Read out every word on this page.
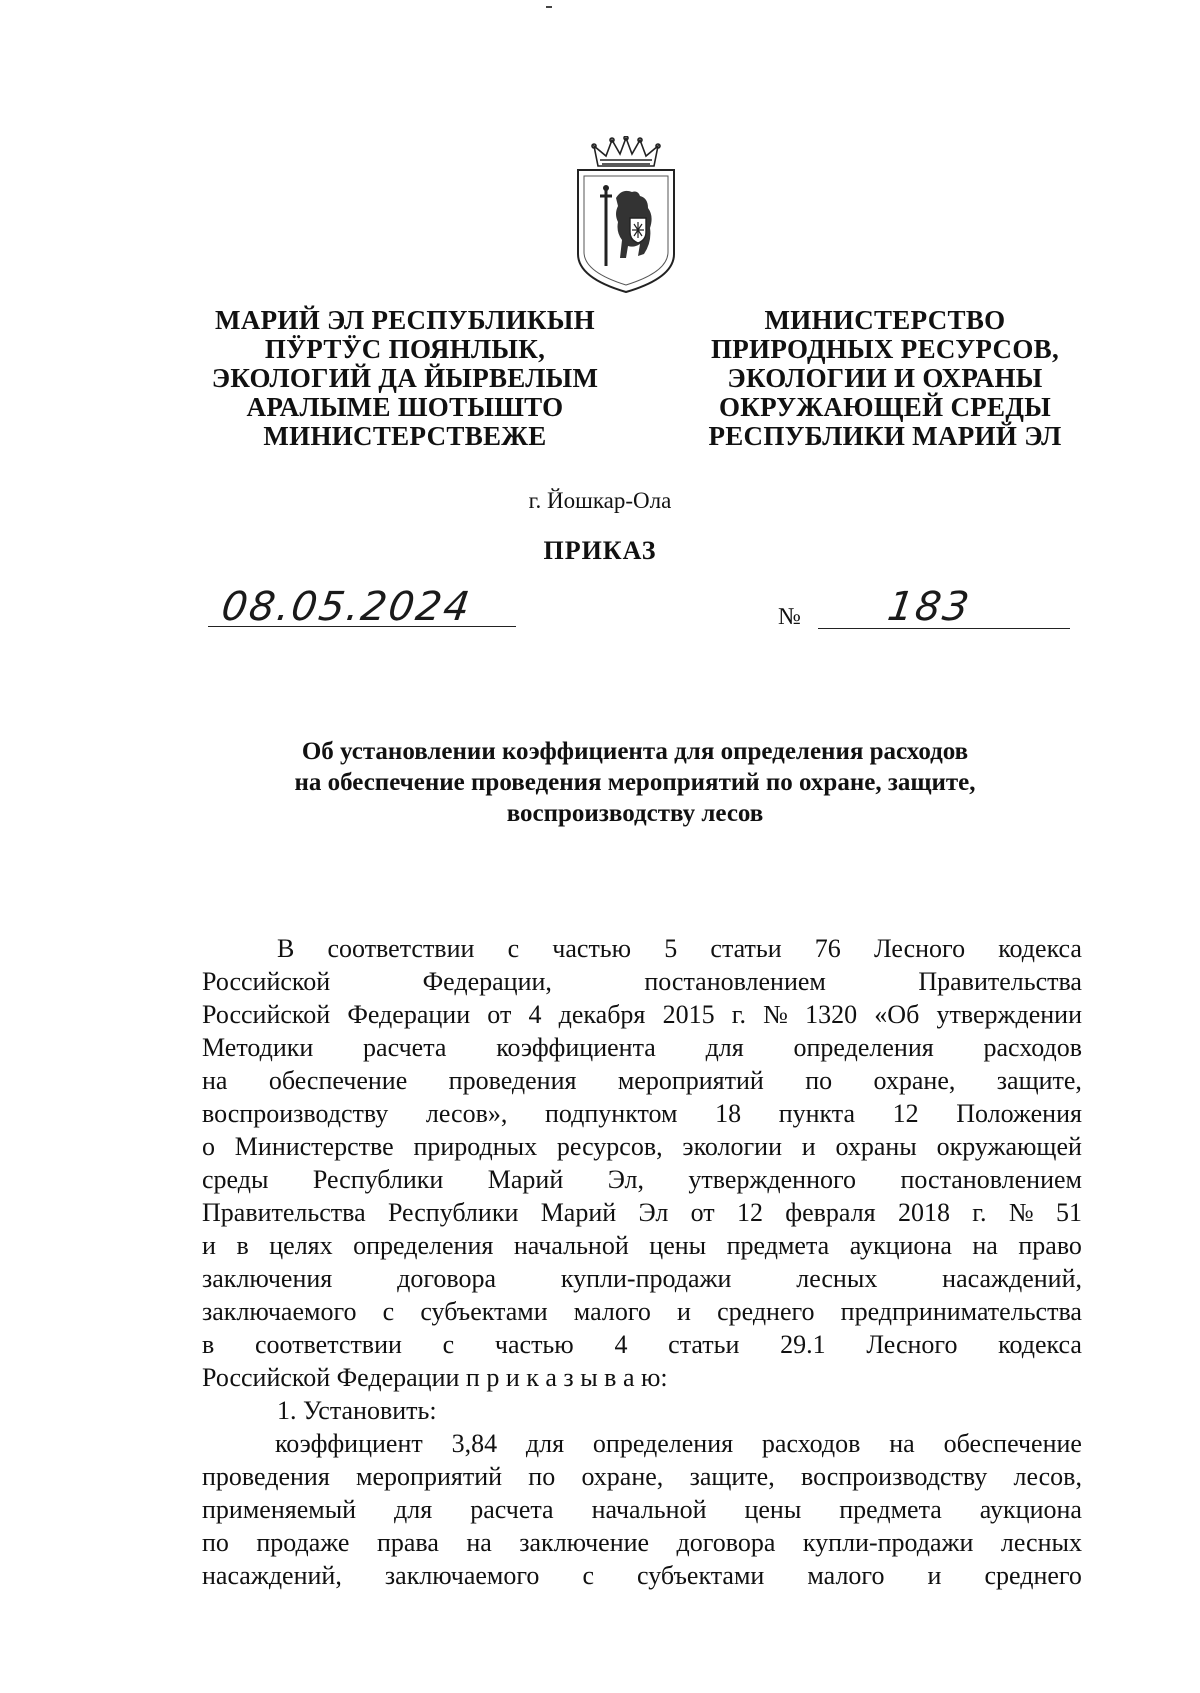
МАРИЙ ЭЛ РЕСПУБЛИКЫН
ПӰРТӰС ПОЯНЛЫК,
ЭКОЛОГИЙ ДА ЙЫРВЕЛЫМ
АРАЛЫМЕ ШОТЫШТО
МИНИСТЕРСТВЕЖЕ
МИНИСТЕРСТВО
ПРИРОДНЫХ РЕСУРСОВ,
ЭКОЛОГИИ И ОХРАНЫ
ОКРУЖАЮЩЕЙ СРЕДЫ
РЕСПУБЛИКИ МАРИЙ ЭЛ
г. Йошкар-Ола
ПРИКАЗ
08.05.2024	№ 183
Об установлении коэффициента для определения расходов
на обеспечение проведения мероприятий по охране, защите,
воспроизводству лесов
В соответствии с частью 5 статьи 76 Лесного кодекса
Российской	Федерации,	постановлением	Правительства
Российской Федерации от 4 декабря 2015 г. № 1320 «Об утверждении
Методики расчета коэффициента для определения расходов
на обеспечение проведения мероприятий по охране, защите,
воспроизводству лесов», подпунктом 18 пункта 12 Положения
о Министерстве природных ресурсов, экологии и охраны окружающей
среды Республики Марий Эл, утвержденного постановлением
Правительства Республики Марий Эл от 12 февраля 2018 г. № 51
и в целях определения начальной цены предмета аукциона на право
заключения договора купли-продажи лесных насаждений,
заключаемого с субъектами малого и среднего предпринимательства
в соответствии с частью 4 статьи 29.1 Лесного кодекса
Российской Федерации п р и к а з ы в а ю:
1. Установить:
коэффициент 3,84 для определения расходов на обеспечение
проведения мероприятий по охране, защите, воспроизводству лесов,
применяемый для расчета начальной цены предмета аукциона
по продаже права на заключение договора купли-продажи лесных
насаждений, заключаемого с субъектами малого и среднего
